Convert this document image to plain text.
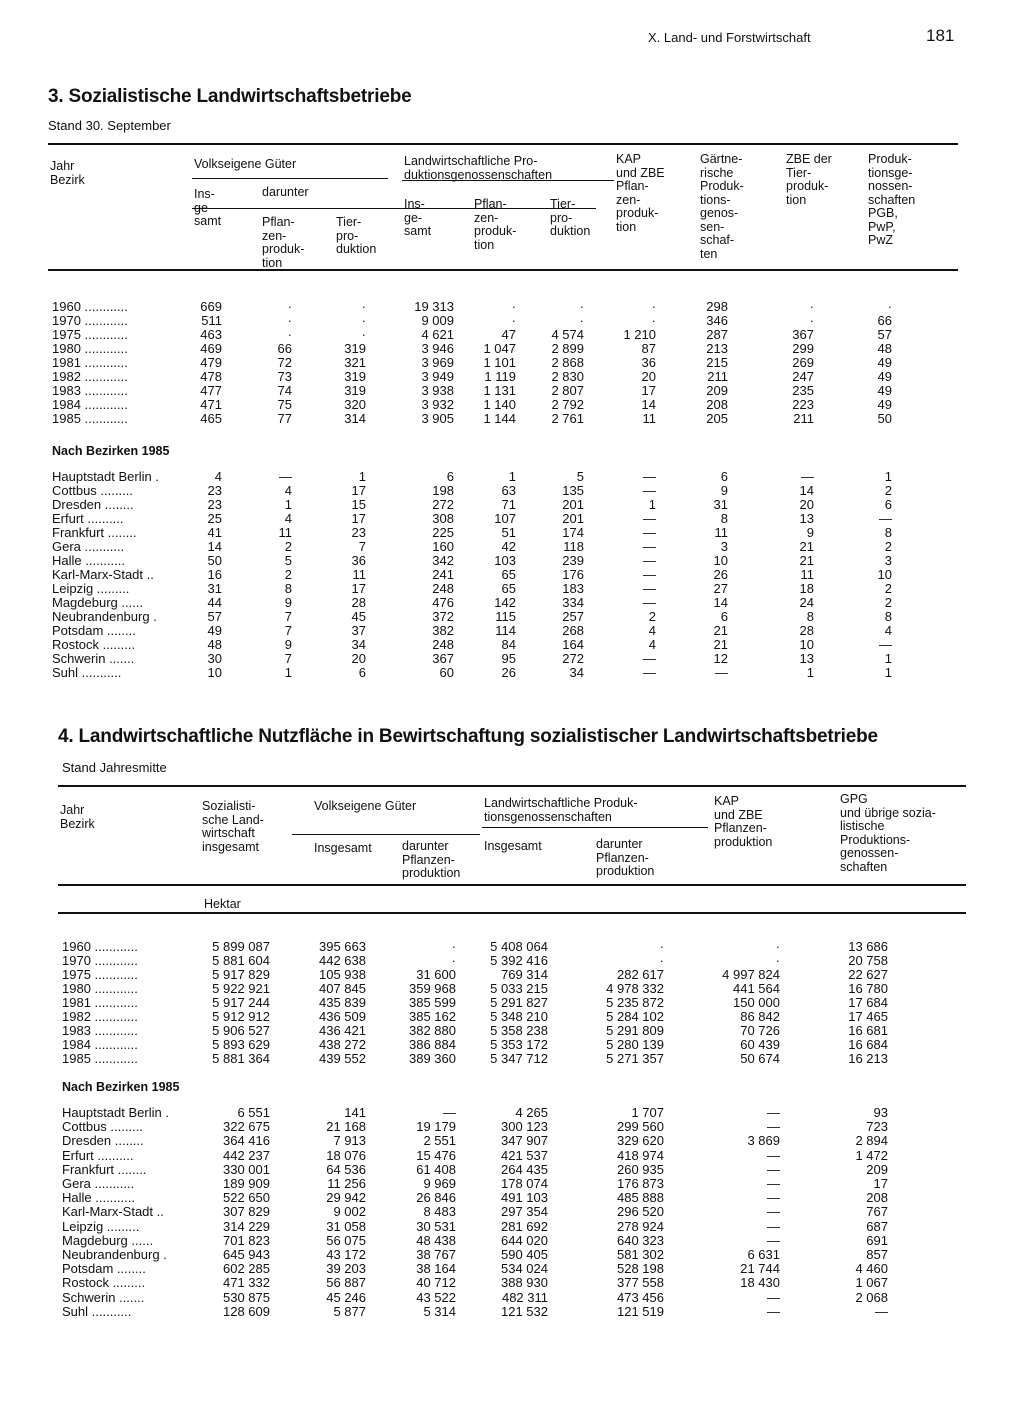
X. Land- und Forstwirtschaft	181
3. Sozialistische Landwirtschaftsbetriebe
Stand 30. September
Jahr
Bezirk
Volkseigene Güter
Ins-
ge-
samt
darunter
Pflan-
zen-
produk-
tion
Tier-
pro-
duktion
Landwirtschaftliche Pro-
duktionsgenossenschaften
Ins-
ge-
samt
Pflan-
zen-
produk-
tion
Tier-
pro-
duktion
KAP
und ZBE
Pflan-
zen-
produk-
tion
Gärtne-
rische
Produk-
tions-
genos-
sen-
schaf-
ten
ZBE der
Tier-
produk-
tion
Produk-
tionsge-
nossen-
schaften
PGB,
PwP,
PwZ
1960 ............	669	·	·	19 313	·	·	·	298	·	·
1970 ............	511	·	·	9 009	·	·	·	346	·	66
1975 ............	463	·	·	4 621	47	4 574	1 210	287	367	57
1980 ............	469	66	319	3 946	1 047	2 899	87	213	299	48
1981 ............	479	72	321	3 969	1 101	2 868	36	215	269	49
1982 ............	478	73	319	3 949	1 119	2 830	20	211	247	49
1983 ............	477	74	319	3 938	1 131	2 807	17	209	235	49
1984 ............	471	75	320	3 932	1 140	2 792	14	208	223	49
1985 ............	465	77	314	3 905	1 144	2 761	11	205	211	50
Nach Bezirken 1985
Hauptstadt Berlin .	4	—	1	6	1	5	—	6	—	1
Cottbus .........	23	4	17	198	63	135	—	9	14	2
Dresden ........	23	1	15	272	71	201	1	31	20	6
Erfurt ..........	25	4	17	308	107	201	—	8	13	—
Frankfurt ........	41	11	23	225	51	174	—	11	9	8
Gera ...........	14	2	7	160	42	118	—	3	21	2
Halle ...........	50	5	36	342	103	239	—	10	21	3
Karl-Marx-Stadt ..	16	2	11	241	65	176	—	26	11	10
Leipzig .........	31	8	17	248	65	183	—	27	18	2
Magdeburg ......	44	9	28	476	142	334	—	14	24	2
Neubrandenburg .	57	7	45	372	115	257	2	6	8	8
Potsdam ........	49	7	37	382	114	268	4	21	28	4
Rostock .........	48	9	34	248	84	164	4	21	10	—
Schwerin .......	30	7	20	367	95	272	—	12	13	1
Suhl ...........	10	1	6	60	26	34	—	—	1	1
4. Landwirtschaftliche Nutzfläche in Bewirtschaftung sozialistischer Landwirtschaftsbetriebe
Stand Jahresmitte
Jahr
Bezirk
Sozialisti-
sche Land-
wirtschaft
insgesamt
Volkseigene Güter
Insgesamt darunter
Pflanzen-
produktion
Landwirtschaftliche Produk-
tionsgenossenschaften
Insgesamt	darunter
Pflanzen-
produktion
KAP
und ZBE
Pflanzen-
produktion
GPG
und übrige sozia-
listische
Produktions-
genossen-
schaften
Hektar
1960 ............	5 899 087	395 663	·	5 408 064	·	·	13 686
1970 ............	5 881 604	442 638	·	5 392 416	·	·	20 758
1975 ............	5 917 829	105 938	31 600	769 314	282 617	4 997 824	22 627
1980 ............	5 922 921	407 845	359 968	5 033 215	4 978 332	441 564	16 780
1981 ............	5 917 244	435 839	385 599	5 291 827	5 235 872	150 000	17 684
1982 ............	5 912 912	436 509	385 162	5 348 210	5 284 102	86 842	17 465
1983 ............	5 906 527	436 421	382 880	5 358 238	5 291 809	70 726	16 681
1984 ............	5 893 629	438 272	386 884	5 353 172	5 280 139	60 439	16 684
1985 ............	5 881 364	439 552	389 360	5 347 712	5 271 357	50 674	16 213
Nach Bezirken 1985
Hauptstadt Berlin .	6 551	141	—	4 265	1 707	—	93
Cottbus .........	322 675	21 168	19 179	300 123	299 560	—	723
Dresden ........	364 416	7 913	2 551	347 907	329 620	3 869	2 894
Erfurt ..........	442 237	18 076	15 476	421 537	418 974	—	1 472
Frankfurt ........	330 001	64 536	61 408	264 435	260 935	—	209
Gera ...........	189 909	11 256	9 969	178 074	176 873	—	17
Halle ...........	522 650	29 942	26 846	491 103	485 888	—	208
Karl-Marx-Stadt ..	307 829	9 002	8 483	297 354	296 520	—	767
Leipzig .........	314 229	31 058	30 531	281 692	278 924	—	687
Magdeburg ......	701 823	56 075	48 438	644 020	640 323	—	691
Neubrandenburg .	645 943	43 172	38 767	590 405	581 302	6 631	857
Potsdam ........	602 285	39 203	38 164	534 024	528 198	21 744	4 460
Rostock .........	471 332	56 887	40 712	388 930	377 558	18 430	1 067
Schwerin .......	530 875	45 246	43 522	482 311	473 456	—	2 068
Suhl ...........	128 609	5 877	5 314	121 532	121 519	—	—
